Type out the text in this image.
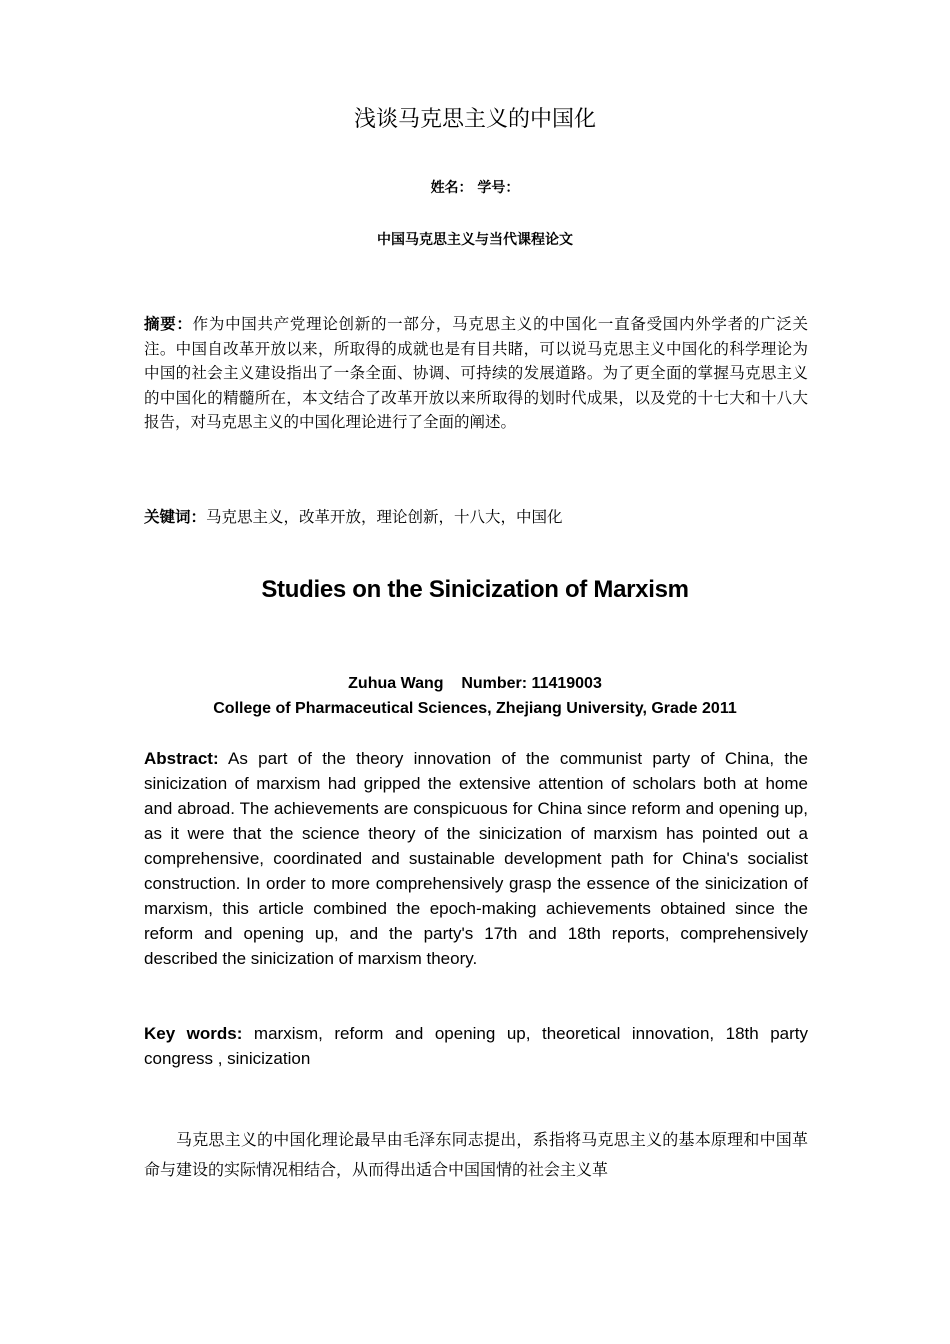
浅谈马克思主义的中国化
姓名： 学号：
中国马克思主义与当代课程论文
摘要：作为中国共产党理论创新的一部分，马克思主义的中国化一直备受国内外学者的广泛关注。中国自改革开放以来，所取得的成就也是有目共睹，可以说马克思主义中国化的科学理论为中国的社会主义建设指出了一条全面、协调、可持续的发展道路。为了更全面的掌握马克思主义的中国化的精髓所在，本文结合了改革开放以来所取得的划时代成果，以及党的十七大和十八大报告，对马克思主义的中国化理论进行了全面的阐述。
关键词：马克思主义，改革开放，理论创新，十八大，中国化
Studies on the Sinicization of Marxism
Zuhua Wang    Number: 11419003
College of Pharmaceutical Sciences, Zhejiang University, Grade 2011
Abstract: As part of the theory innovation of the communist party of China, the sinicization of marxism had gripped the extensive attention of scholars both at home and abroad. The achievements are conspicuous for China since reform and opening up, as it were that the science theory of the sinicization of marxism has pointed out a comprehensive, coordinated and sustainable development path for China's socialist construction. In order to more comprehensively grasp the essence of the sinicization of marxism, this article combined the epoch-making achievements obtained since the reform and opening up, and the party's 17th and 18th reports, comprehensively described the sinicization of marxism theory.
Key words: marxism, reform and opening up, theoretical innovation, 18th party congress , sinicization
马克思主义的中国化理论最早由毛泽东同志提出，系指将马克思主义的基本原理和中国革命与建设的实际情况相结合，从而得出适合中国国情的社会主义革
